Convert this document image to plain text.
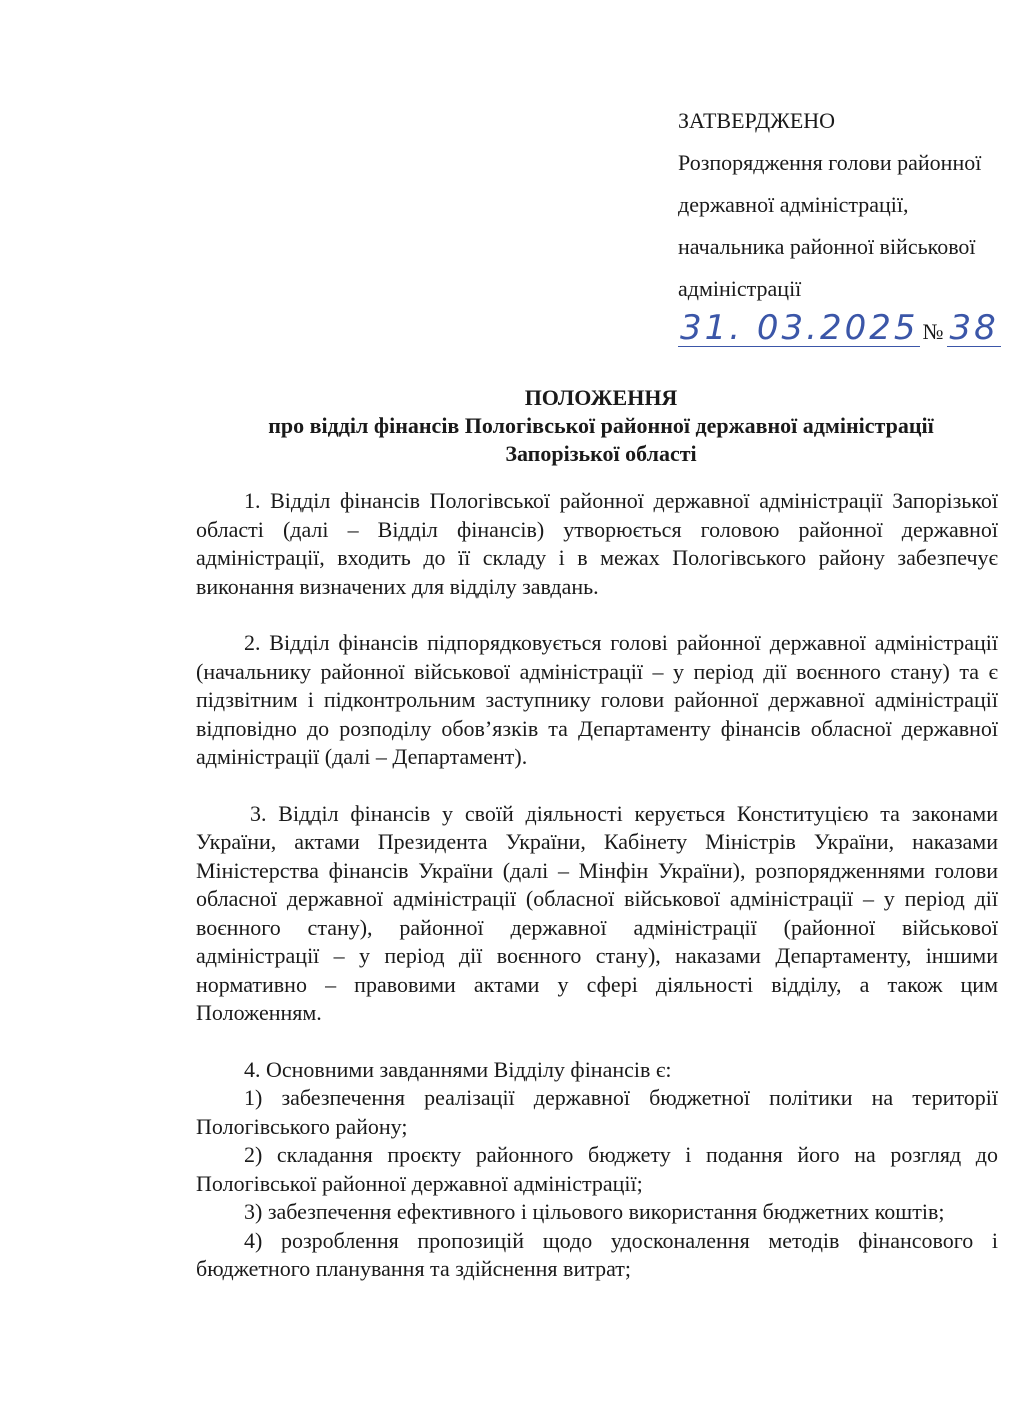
ЗАТВЕРДЖЕНО
Розпорядження голови районної
державної адміністрації,
начальника районної військової
адміністрації
31. 03.2025 № 38
ПОЛОЖЕННЯ
про відділ фінансів Пологівської районної державної адміністрації
Запорізької області

1. Відділ фінансів Пологівської районної державної адміністрації Запорізької області (далі – Відділ фінансів) утворюється головою районної державної адміністрації, входить до її складу і в межах Пологівського району забезпечує виконання визначених для відділу завдань.

2. Відділ фінансів підпорядковується голові районної державної адміністрації (начальнику районної військової адміністрації – у період дії воєнного стану) та є підзвітним і підконтрольним заступнику голови районної державної адміністрації відповідно до розподілу обов’язків та Департаменту фінансів обласної державної адміністрації (далі – Департамент).

3. Відділ фінансів у своїй діяльності керується Конституцією та законами України, актами Президента України, Кабінету Міністрів України, наказами Міністерства фінансів України (далі – Мінфін України), розпорядженнями голови обласної державної адміністрації (обласної військової адміністрації – у період дії воєнного стану), районної державної адміністрації (районної військової адміністрації – у період дії воєнного стану), наказами Департаменту, іншими нормативно – правовими актами у сфері діяльності відділу, а також цим Положенням.

4. Основними завданнями Відділу фінансів є:

1) забезпечення реалізації державної бюджетної політики на території Пологівського району;

2) складання проєкту районного бюджету і подання його на розгляд до Пологівської районної державної адміністрації;

3) забезпечення ефективного і цільового використання бюджетних коштів;

4) розроблення пропозицій щодо удосконалення методів фінансового і бюджетного планування та здійснення витрат;
